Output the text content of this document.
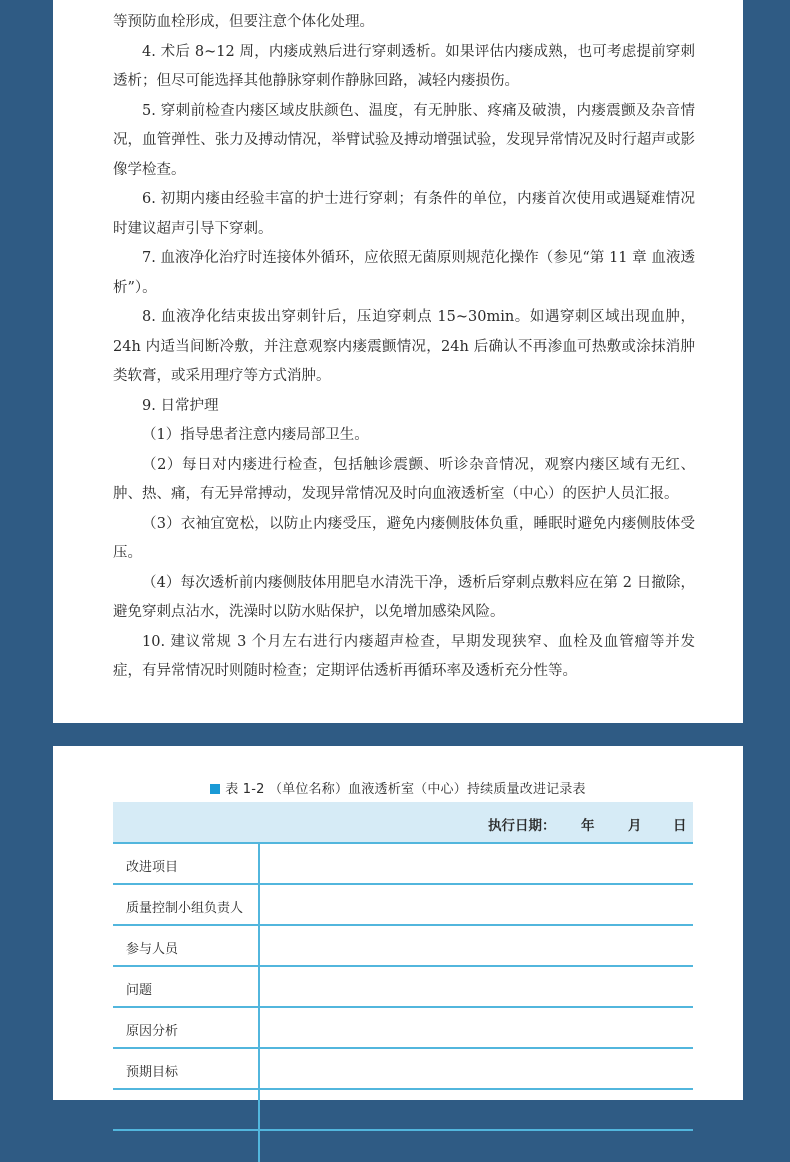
等预防血栓形成，但要注意个体化处理。

4. 术后 8~12 周，内瘘成熟后进行穿刺透析。如果评估内瘘成熟，也可考虑提前穿刺透析；但尽可能选择其他静脉穿刺作静脉回路，减轻内瘘损伤。

5. 穿刺前检查内瘘区域皮肤颜色、温度，有无肿胀、疼痛及破溃，内瘘震颤及杂音情况，血管弹性、张力及搏动情况，举臂试验及搏动增强试验，发现异常情况及时行超声或影像学检查。

6. 初期内瘘由经验丰富的护士进行穿刺；有条件的单位，内瘘首次使用或遇疑难情况时建议超声引导下穿刺。

7. 血液净化治疗时连接体外循环，应依照无菌原则规范化操作（参见“第 11 章 血液透析”）。

8. 血液净化结束拔出穿刺针后，压迫穿刺点 15~30min。如遇穿刺区域出现血肿，24h 内适当间断冷敷，并注意观察内瘘震颤情况，24h 后确认不再渗血可热敷或涂抹消肿类软膏，或采用理疗等方式消肿。

9. 日常护理

（1）指导患者注意内瘘局部卫生。

（2）每日对内瘘进行检查，包括触诊震颤、听诊杂音情况，观察内瘘区域有无红、肿、热、痛，有无异常搏动，发现异常情况及时向血液透析室（中心）的医护人员汇报。

（3）衣袖宜宽松，以防止内瘘受压，避免内瘘侧肢体负重，睡眠时避免内瘘侧肢体受压。

（4）每次透析前内瘘侧肢体用肥皂水清洗干净，透析后穿刺点敷料应在第 2 日撤除，避免穿刺点沾水，洗澡时以防水贴保护，以免增加感染风险。

10. 建议常规 3 个月左右进行内瘘超声检查，早期发现狭窄、血栓及血管瘤等并发症，有异常情况时则随时检查；定期评估透析再循环率及透析充分性等。

表 1-2 （单位名称）血液透析室（中心）持续质量改进记录表
执行日期： 年 月 日
改进项目
质量控制小组负责人
参与人员
问题
原因分析
预期目标
